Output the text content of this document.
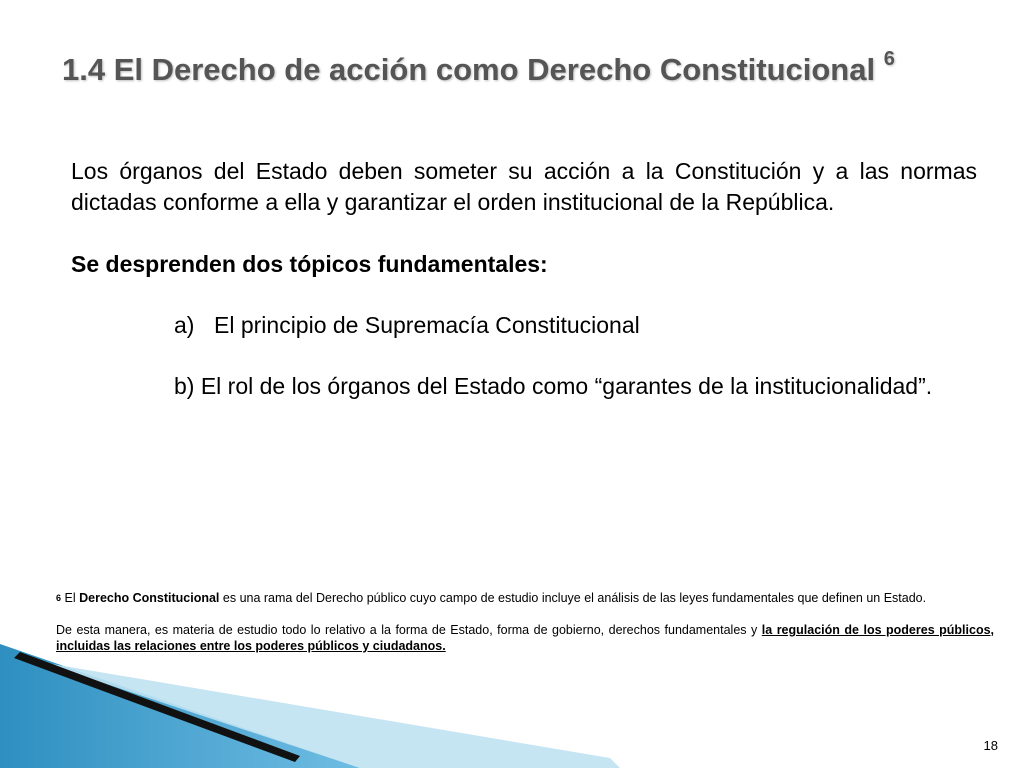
1.4 El Derecho de acción como Derecho Constitucional $^6$

Los órganos del Estado deben someter su acción a la Constitución y a las normas dictadas conforme a ella y garantizar el orden institucional de la República.

Se desprenden dos tópicos fundamentales:

a) El principio de Supremacía Constitucional

b) El rol de los órganos del Estado como “garantes de la institucionalidad”.

$^6$ El Derecho Constitucional es una rama del Derecho público cuyo campo de estudio incluye el análisis de las leyes fundamentales que definen un Estado.

De esta manera, es materia de estudio todo lo relativo a la forma de Estado, forma de gobierno, derechos fundamentales y la regulación de los poderes públicos, incluidas las relaciones entre los poderes públicos y ciudadanos.

18
